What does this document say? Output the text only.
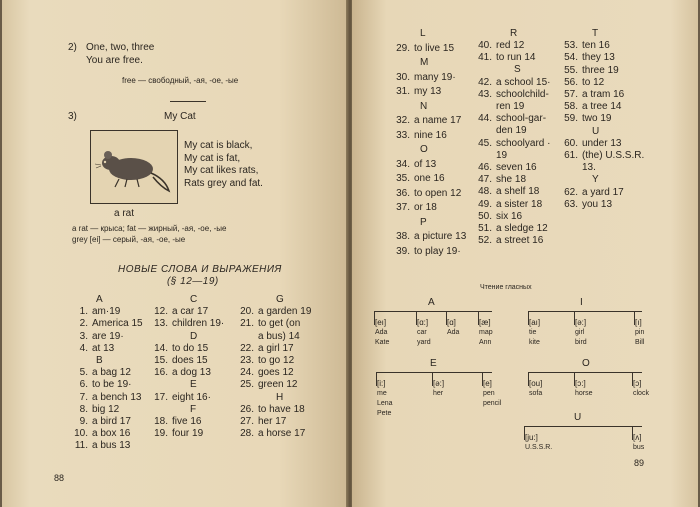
2) One, two, three
You are free.
free — свободный, -ая, -ое, -ые
3)	My Cat
My cat is black,
My cat is fat,
My cat likes rats,
Rats grey and fat.
a rat
a rat — крыса; fat — жирный, -ая, -ое, -ые
grey [ei] — серый, -ая, -ое, -ые
НОВЫЕ СЛОВА И ВЫРАЖЕНИЯ
(§ 12—19)
A
1. am·19
2. America 15
3. are 19·
4. at 13
B
5. a bag 12
6. to be 19·
7. a bench 13
8. big 12
9. a bird 17
10. a box 16
11. a bus 13
C
12. a car 17
13. children 19·
D
14. to do 15
15. does 15
16. a dog 13
E
17. eight 16·
F
18. five 16
19. four 19
G
20. a garden 19
21. to get (on
a bus) 14
22. a girl 17
23. to go 12
24. goes 12
25. green 12
H
26. to have 18
27. her 17
28. a horse 17
88
L
29. to live 15
M
30. many 19·
31. my 13
N
32. a name 17
33. nine 16
O
34. of 13
35. one 16
36. to open 12
37. or 18
P
38. a picture 13
39. to play 19·
R
40. red 12
41. to run 14
S
42. a school 15·
43. schoolchild-
ren 19
44. school-gar-
den 19
45. schoolyard ·
19
46. seven 16
47. she 18
48. a shelf 18
49. a sister 18
50. six 16
51. a sledge 12
52. a street 16
T
53. ten 16
54. they 13
55. three 19
56. to 12
57. a tram 16
58. a tree 14
59. two 19
U
60. under 13
61. (the) U.S.S.R.
13.
Y
62. a yard 17
63. you 13
Чтение гласных
A
[eı]
Ada
Kate
[ɑ:]
car
yard
[ɑ]
Ada
[æ]
map
Ann
I
[aı]
tie
kite
[ə:]
girl
bird
[ı]
pin
Bill
E
[i:]
me
Lena
Pete
[ə:]
her
[e]
pen
pencil
O
[ou]
sofa
[ɔ:]
horse
[ɔ]
clock
U
[ju:]
U.S.S.R.
[ʌ]
bus
89
